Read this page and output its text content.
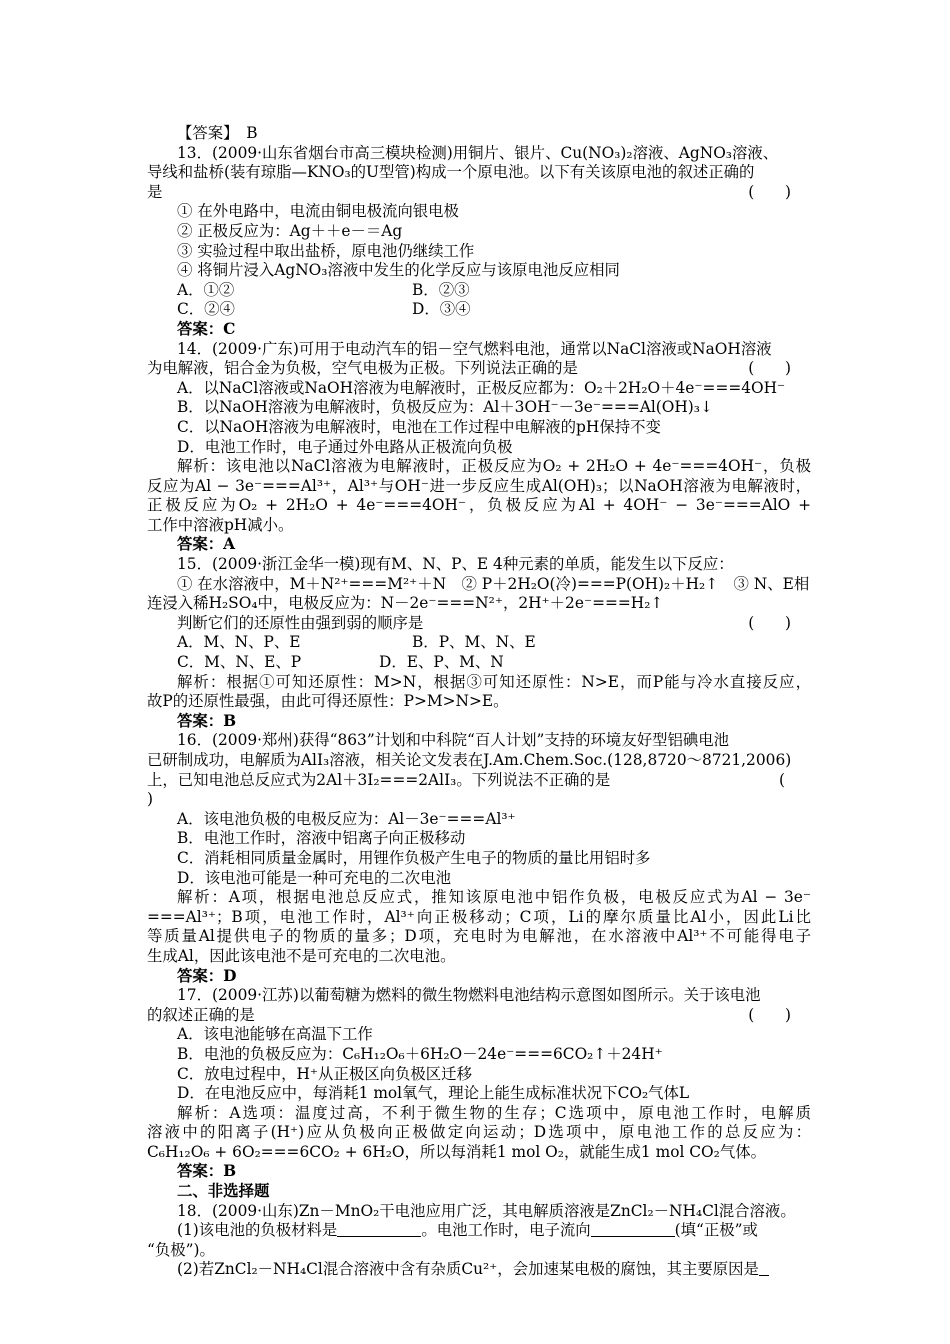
【答案】　B
13．(2009·山东省烟台市高三模块检测)用铜片、银片、Cu(NO₃)₂溶液、AgNO₃溶液、
导线和盐桥(装有琼脂—KNO₃的U型管)构成一个原电池。以下有关该原电池的叙述正确的
是	(　　)
① 在外电路中，电流由铜电极流向银电极
② 正极反应为：Ag＋＋e－＝Ag
③ 实验过程中取出盐桥，原电池仍继续工作
④ 将铜片浸入AgNO₃溶液中发生的化学反应与该原电池反应相同
A．①②	B．②③
C．②④	D．③④
答案：C
14．(2009·广东)可用于电动汽车的铝－空气燃料电池，通常以NaCl溶液或NaOH溶液
为电解液，铝合金为负极，空气电极为正极。下列说法正确的是	(　　)
A．以NaCl溶液或NaOH溶液为电解液时，正极反应都为：O₂＋2H₂O＋4e⁻===4OH⁻
B．以NaOH溶液为电解液时，负极反应为：Al＋3OH⁻－3e⁻===Al(OH)₃↓
C．以NaOH溶液为电解液时，电池在工作过程中电解液的pH保持不变
D．电池工作时，电子通过外电路从正极流向负极
解析：该电池以NaCl溶液为电解液时，正极反应为O₂ + 2H₂O + 4e⁻===4OH⁻，负极
反应为Al − 3e⁻===Al³⁺，Al³⁺与OH⁻进一步反应生成Al(OH)₃；以NaOH溶液为电解液时，
正极反应为O₂ + 2H₂O + 4e⁻===4OH⁻，负极反应为Al + 4OH⁻ − 3e⁻===AlO +
工作中溶液pH减小。
答案：A
15．(2009·浙江金华一模)现有M、N、P、E 4种元素的单质，能发生以下反应：
① 在水溶液中，M＋N²⁺===M²⁺＋N　② P＋2H₂O(冷)===P(OH)₂＋H₂↑　③ N、E相
连浸入稀H₂SO₄中，电极反应为：N－2e⁻===N²⁺，2H⁺＋2e⁻===H₂↑
判断它们的还原性由强到弱的顺序是	(　　)
A．M、N、P、E	B．P、M、N、E
C．M、N、E、P	D．E、P、M、N
解析：根据①可知还原性：M>N，根据③可知还原性：N>E，而P能与冷水直接反应，
故P的还原性最强，由此可得还原性：P>M>N>E。
答案：B
16．(2009·郑州)获得“863”计划和中科院“百人计划”支持的环境友好型铝碘电池
已研制成功，电解质为AlI₃溶液，相关论文发表在J.Am.Chem.Soc.(128,8720～8721,2006)
上，已知电池总反应式为2Al＋3I₂===2AlI₃。下列说法不正确的是	(
)
A．该电池负极的电极反应为：Al－3e⁻===Al³⁺
B．电池工作时，溶液中铝离子向正极移动
C．消耗相同质量金属时，用锂作负极产生电子的物质的量比用铝时多
D．该电池可能是一种可充电的二次电池
解析：A项，根据电池总反应式，推知该原电池中铝作负极，电极反应式为Al − 3e⁻
===Al³⁺；B项，电池工作时，Al³⁺向正极移动；C项，Li的摩尔质量比Al小，因此Li比
等质量Al提供电子的物质的量多；D项，充电时为电解池，在水溶液中Al³⁺不可能得电子
生成Al，因此该电池不是可充电的二次电池。
答案：D
17．(2009·江苏)以葡萄糖为燃料的微生物燃料电池结构示意图如图所示。关于该电池
的叙述正确的是	(　　)
A．该电池能够在高温下工作
B．电池的负极反应为：C₆H₁₂O₆＋6H₂O－24e⁻===6CO₂↑＋24H⁺
C．放电过程中，H⁺从正极区向负极区迁移
D．在电池反应中，每消耗1 mol氧气，理论上能生成标准状况下CO₂气体L
解析：A选项：温度过高，不利于微生物的生存；C选项中，原电池工作时，电解质
溶液中的阳离子(H⁺)应从负极向正极做定向运动；D选项中，原电池工作的总反应为：
C₆H₁₂O₆ + 6O₂===6CO₂ + 6H₂O，所以每消耗1 mol O₂，就能生成1 mol CO₂气体。
答案：B
二、非选择题
18．(2009·山东)Zn－MnO₂干电池应用广泛，其电解质溶液是ZnCl₂－NH₄Cl混合溶液。
(1)该电池的负极材料是	。电池工作时，电子流向	(填“正极”或
“负极”)。
(2)若ZnCl₂－NH₄Cl混合溶液中含有杂质Cu²⁺，会加速某电极的腐蚀，其主要原因是
